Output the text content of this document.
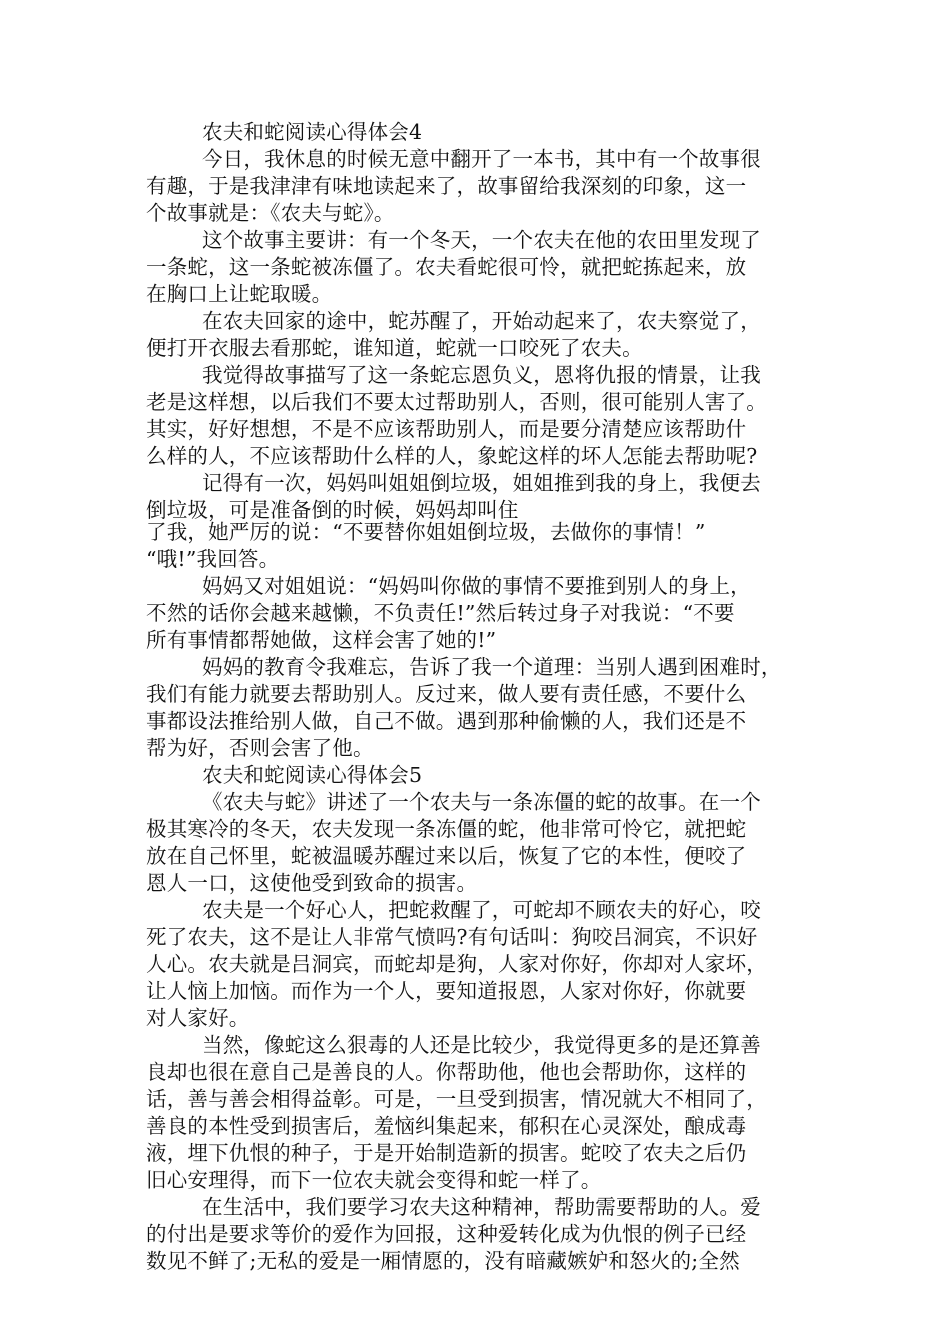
农夫和蛇阅读心得体会4
今日，我休息的时候无意中翻开了一本书，其中有一个故事很
有趣，于是我津津有味地读起来了，故事留给我深刻的印象，这一
个故事就是：《农夫与蛇》。
这个故事主要讲：有一个冬天，一个农夫在他的农田里发现了
一条蛇，这一条蛇被冻僵了。农夫看蛇很可怜，就把蛇拣起来，放
在胸口上让蛇取暖。
在农夫回家的途中，蛇苏醒了，开始动起来了，农夫察觉了，
便打开衣服去看那蛇，谁知道，蛇就一口咬死了农夫。
我觉得故事描写了这一条蛇忘恩负义，恩将仇报的情景，让我
老是这样想，以后我们不要太过帮助别人，否则，很可能别人害了。
其实，好好想想，不是不应该帮助别人，而是要分清楚应该帮助什
么样的人，不应该帮助什么样的人，象蛇这样的坏人怎能去帮助呢?
记得有一次，妈妈叫姐姐倒垃圾，姐姐推到我的身上，我便去
倒垃圾，可是准备倒的时候，妈妈却叫住
了我，她严厉的说：“不要替你姐姐倒垃圾，去做你的事情！”
“哦!”我回答。
妈妈又对姐姐说：“妈妈叫你做的事情不要推到别人的身上，
不然的话你会越来越懒，不负责任!”然后转过身子对我说：“不要
所有事情都帮她做，这样会害了她的!”
妈妈的教育令我难忘，告诉了我一个道理：当别人遇到困难时，
我们有能力就要去帮助别人。反过来，做人要有责任感，不要什么
事都设法推给别人做，自己不做。遇到那种偷懒的人，我们还是不
帮为好，否则会害了他。
农夫和蛇阅读心得体会5
《农夫与蛇》讲述了一个农夫与一条冻僵的蛇的故事。在一个
极其寒冷的冬天，农夫发现一条冻僵的蛇，他非常可怜它，就把蛇
放在自己怀里，蛇被温暖苏醒过来以后，恢复了它的本性，便咬了
恩人一口，这使他受到致命的损害。
农夫是一个好心人，把蛇救醒了，可蛇却不顾农夫的好心，咬
死了农夫，这不是让人非常气愤吗?有句话叫：狗咬吕洞宾，不识好
人心。农夫就是吕洞宾，而蛇却是狗，人家对你好，你却对人家坏，
让人恼上加恼。而作为一个人，要知道报恩，人家对你好，你就要
对人家好。
当然，像蛇这么狠毒的人还是比较少，我觉得更多的是还算善
良却也很在意自己是善良的人。你帮助他，他也会帮助你，这样的
话，善与善会相得益彰。可是，一旦受到损害，情况就大不相同了，
善良的本性受到损害后，羞恼纠集起来，郁积在心灵深处，酿成毒
液，埋下仇恨的种子，于是开始制造新的损害。蛇咬了农夫之后仍
旧心安理得，而下一位农夫就会变得和蛇一样了。
在生活中，我们要学习农夫这种精神，帮助需要帮助的人。爱
的付出是要求等价的爱作为回报，这种爱转化成为仇恨的例子已经
数见不鲜了;无私的爱是一厢情愿的，没有暗藏嫉妒和怒火的;全然
